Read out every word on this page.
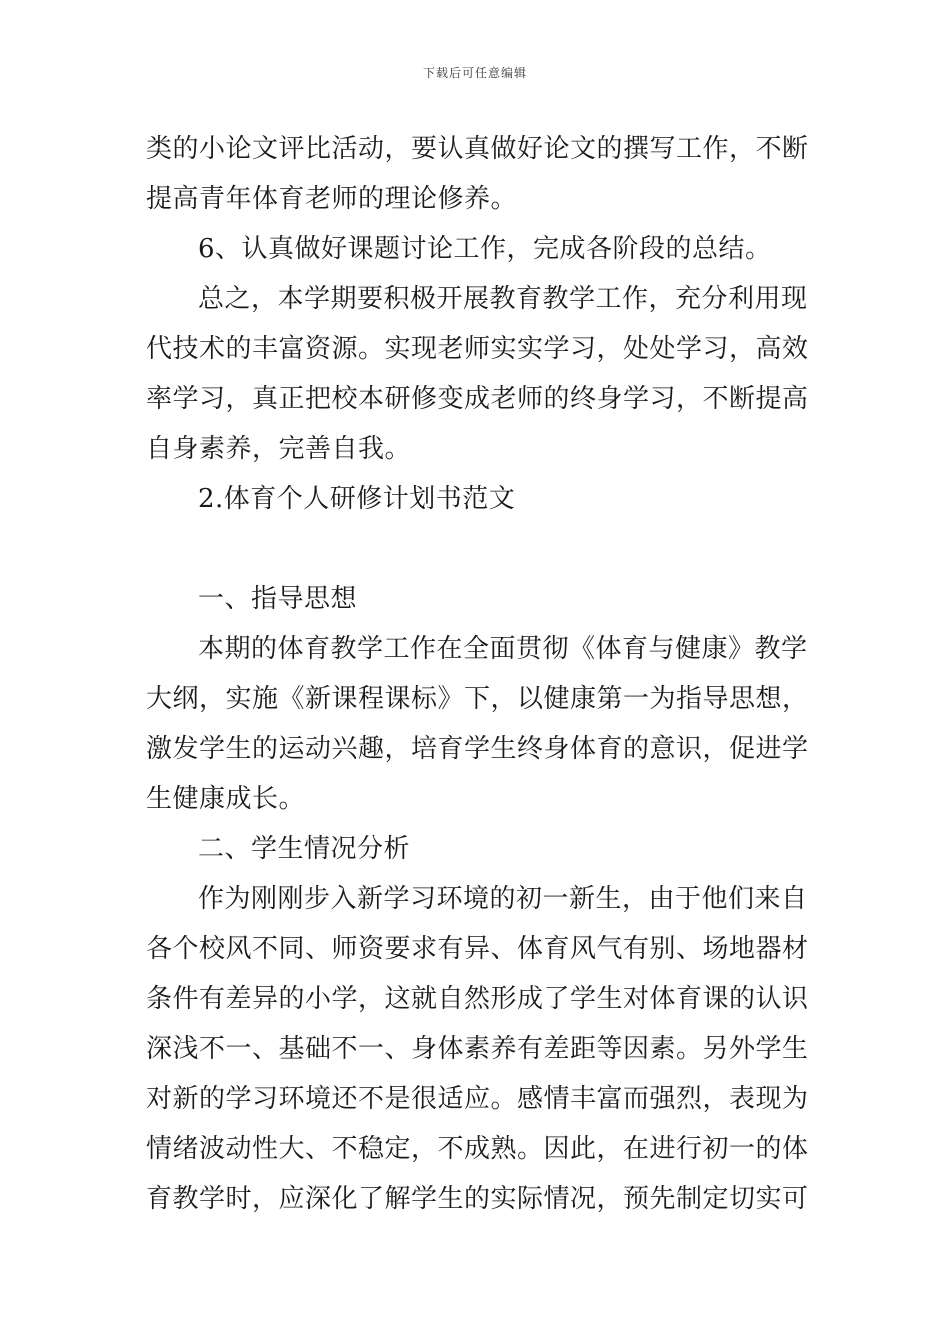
下载后可任意编辑
类的小论文评比活动，要认真做好论文的撰写工作，不断
提高青年体育老师的理论修养。
6、认真做好课题讨论工作，完成各阶段的总结。
总之，本学期要积极开展教育教学工作，充分利用现
代技术的丰富资源。实现老师实实学习，处处学习，高效
率学习，真正把校本研修变成老师的终身学习，不断提高
自身素养，完善自我。
2.体育个人研修计划书范文
一、指导思想
本期的体育教学工作在全面贯彻《体育与健康》教学
大纲，实施《新课程课标》下，以健康第一为指导思想，
激发学生的运动兴趣，培育学生终身体育的意识，促进学
生健康成长。
二、学生情况分析
作为刚刚步入新学习环境的初一新生，由于他们来自
各个校风不同、师资要求有异、体育风气有别、场地器材
条件有差异的小学，这就自然形成了学生对体育课的认识
深浅不一、基础不一、身体素养有差距等因素。另外学生
对新的学习环境还不是很适应。感情丰富而强烈，表现为
情绪波动性大、不稳定，不成熟。因此，在进行初一的体
育教学时，应深化了解学生的实际情况，预先制定切实可
